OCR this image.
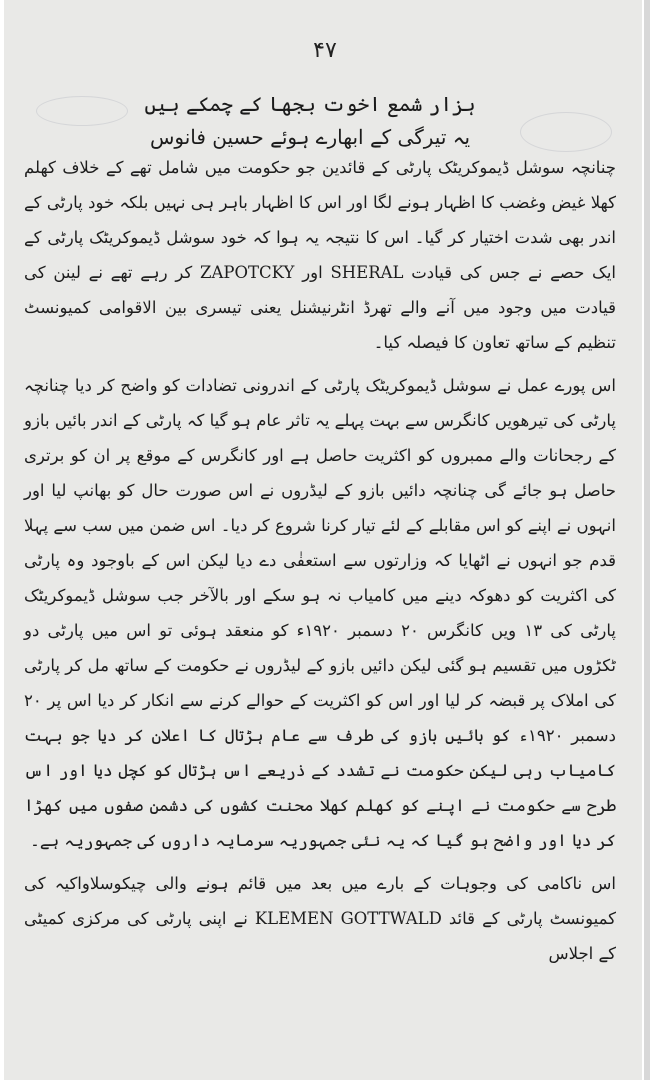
۴۷
ہزار شمع اخوت بجھا کے چمکے ہیں
یہ تیرگی کے ابھارے ہوئے حسین فانوس

چنانچہ سوشل ڈیموکریٹک پارٹی کے قائدین جو حکومت میں شامل تھے کے خلاف کھلم کھلا غیض وغضب کا اظہار ہونے لگا اور اس کا اظہار باہر ہی نہیں بلکہ خود پارٹی کے اندر بھی شدت اختیار کر گیا۔ اس کا نتیجہ یہ ہوا کہ خود سوشل ڈیموکریٹک پارٹی کے ایک حصے نے جس کی قیادت SHERAL اور ZAPOTCKY کر رہے تھے نے لینن کی قیادت میں وجود میں آنے والے تھرڈ انٹرنیشنل یعنی تیسری بین الاقوامی کمیونسٹ تنظیم کے ساتھ تعاون کا فیصلہ کیا۔

اس پورے عمل نے سوشل ڈیموکریٹک پارٹی کے اندرونی تضادات کو واضح کر دیا چنانچہ پارٹی کی تیرھویں کانگرس سے بہت پہلے یہ تاثر عام ہو گیا کہ پارٹی کے اندر بائیں بازو کے رجحانات والے ممبروں کو اکثریت حاصل ہے اور کانگرس کے موقع پر ان کو برتری حاصل ہو جائے گی چنانچہ دائیں بازو کے لیڈروں نے اس صورت حال کو بھانپ لیا اور انہوں نے اپنے کو اس مقابلے کے لئے تیار کرنا شروع کر دیا۔ اس ضمن میں سب سے پہلا قدم جو انہوں نے اٹھایا کہ وزارتوں سے استعفٰی دے دیا لیکن اس کے باوجود وہ پارٹی کی اکثریت کو دھوکہ دینے میں کامیاب نہ ہو سکے اور بالآخر جب سوشل ڈیموکریٹک پارٹی کی ۱۳ ویں کانگرس ۲۰ دسمبر ۱۹۲۰ء کو منعقد ہوئی تو اس میں پارٹی دو ٹکڑوں میں تقسیم ہو گئی لیکن دائیں بازو کے لیڈروں نے حکومت کے ساتھ مل کر پارٹی کی املاک پر قبضہ کر لیا اور اس کو اکثریت کے حوالے کرنے سے انکار کر دیا اس پر ۲۰ دسمبر ۱۹۲۰ء کو بائیں بازو کی طرف سے عام ہڑتال کا اعلان کر دیا جو بہت کامیاب رہی لیکن حکومت نے تشدد کے ذریعے اس ہڑتال کو کچل دیا اور اس طرح سے حکومت نے اپنے کو کھلم کھلا محنت کشوں کی دشمن صفوں میں کھڑا کر دیا اور واضح ہو گیا کہ یہ نئی جمہوریہ سرمایہ داروں کی جمہوریہ ہے۔

اس ناکامی کی وجوہات کے بارے میں بعد میں قائم ہونے والی چیکوسلاواکیہ کی کمیونسٹ پارٹی کے قائد KLEMEN GOTTWALD نے اپنی پارٹی کی مرکزی کمیٹی کے اجلاس
